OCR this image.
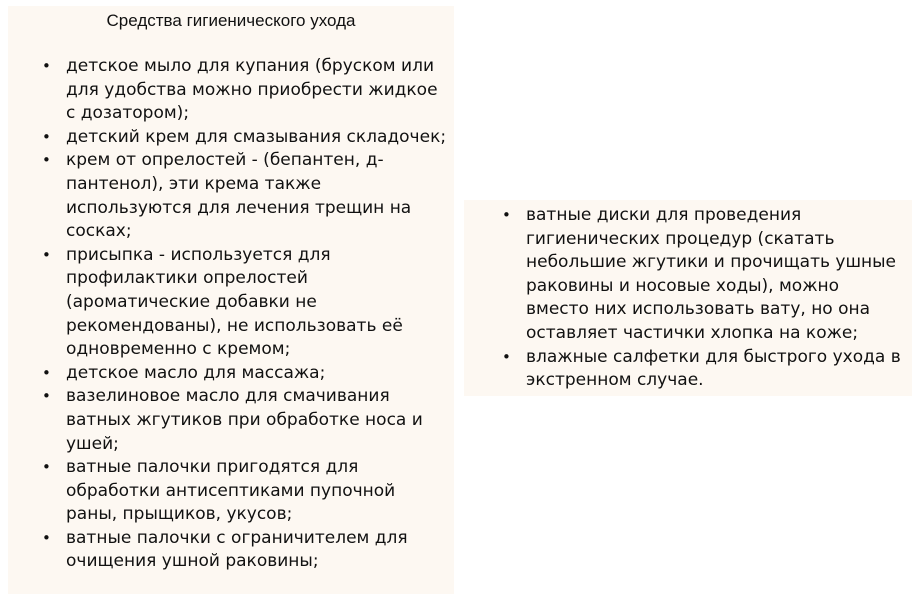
Средства гигиенического ухода
• детское мыло для купания (бруском или для удобства можно приобрести жидкое с дозатором);
• детский крем для смазывания складочек;
• крем от опрелостей - (бепантен, д-пантенол), эти крема также используются для лечения трещин на сосках;
• присыпка - используется для профилактики опрелостей (ароматические добавки не рекомендованы), не использовать её одновременно с кремом;
• детское масло для массажа;
• вазелиновое масло для смачивания ватных жгутиков при обработке носа и ушей;
• ватные палочки пригодятся для обработки антисептиками пупочной раны, прыщиков, укусов;
• ватные палочки с ограничителем для очищения ушной раковины;
• ватные диски для проведения гигиенических процедур (скатать небольшие жгутики и прочищать ушные раковины и носовые ходы), можно вместо них использовать вату, но она оставляет частички хлопка на коже;
• влажные салфетки для быстрого ухода в экстренном случае.
